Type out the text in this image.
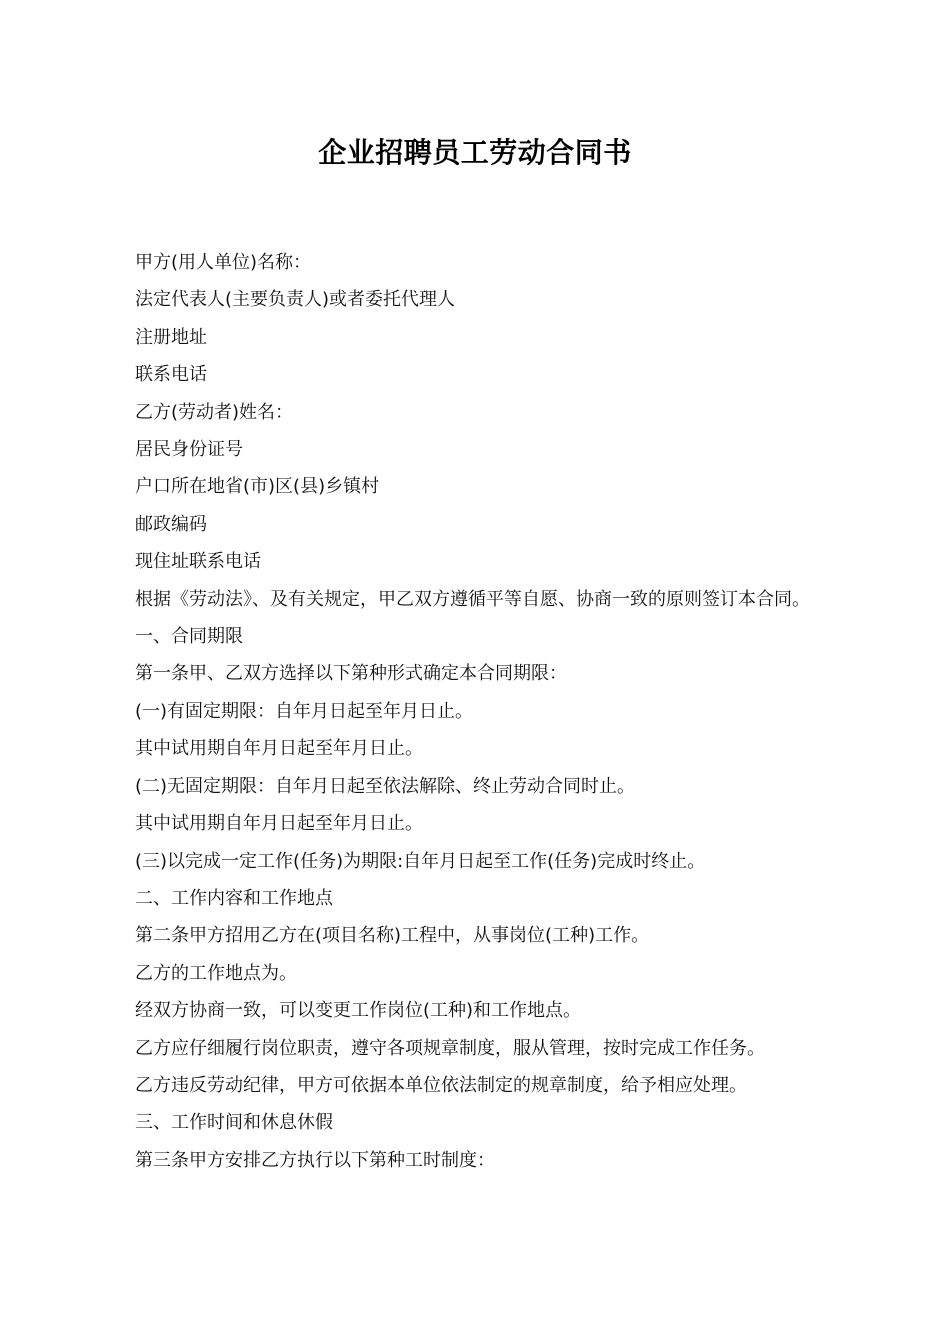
企业招聘员工劳动合同书

甲方(用人单位)名称：

法定代表人(主要负责人)或者委托代理人

注册地址

联系电话

乙方(劳动者)姓名：

居民身份证号

户口所在地省(市)区(县)乡镇村

邮政编码

现住址联系电话

根据《劳动法》、及有关规定，甲乙双方遵循平等自愿、协商一致的原则签订本合同。

一、合同期限

第一条甲、乙双方选择以下第种形式确定本合同期限：

(一)有固定期限：自年月日起至年月日止。

其中试用期自年月日起至年月日止。

(二)无固定期限：自年月日起至依法解除、终止劳动合同时止。

其中试用期自年月日起至年月日止。

(三)以完成一定工作(任务)为期限:自年月日起至工作(任务)完成时终止。

二、工作内容和工作地点

第二条甲方招用乙方在(项目名称)工程中，从事岗位(工种)工作。

乙方的工作地点为。

经双方协商一致，可以变更工作岗位(工种)和工作地点。

乙方应仔细履行岗位职责，遵守各项规章制度，服从管理，按时完成工作任务。

乙方违反劳动纪律，甲方可依据本单位依法制定的规章制度，给予相应处理。

三、工作时间和休息休假

第三条甲方安排乙方执行以下第种工时制度：
